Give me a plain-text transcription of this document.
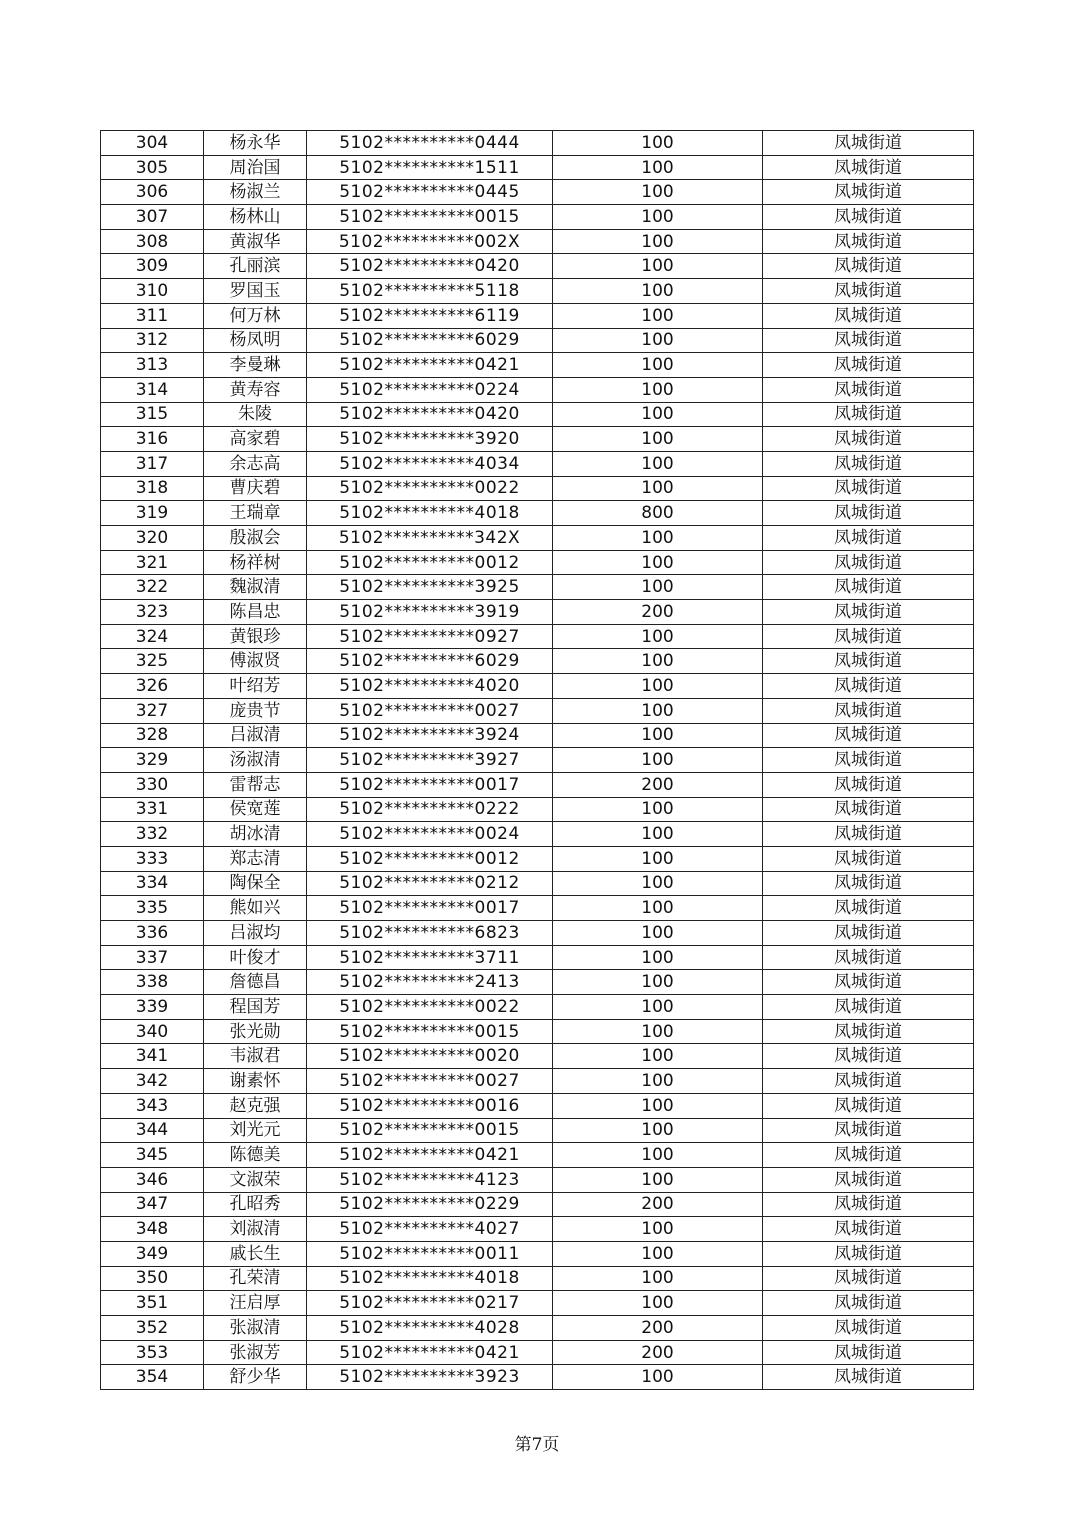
304	杨永华	5102**********0444	100	凤城街道
305	周治国	5102**********1511	100	凤城街道
306	杨淑兰	5102**********0445	100	凤城街道
307	杨林山	5102**********0015	100	凤城街道
308	黄淑华	5102**********002X	100	凤城街道
309	孔丽滨	5102**********0420	100	凤城街道
310	罗国玉	5102**********5118	100	凤城街道
311	何万林	5102**********6119	100	凤城街道
312	杨凤明	5102**********6029	100	凤城街道
313	李曼琳	5102**********0421	100	凤城街道
314	黄寿容	5102**********0224	100	凤城街道
315	朱陵	5102**********0420	100	凤城街道
316	高家碧	5102**********3920	100	凤城街道
317	余志高	5102**********4034	100	凤城街道
318	曹庆碧	5102**********0022	100	凤城街道
319	王瑞章	5102**********4018	800	凤城街道
320	殷淑会	5102**********342X	100	凤城街道
321	杨祥树	5102**********0012	100	凤城街道
322	魏淑清	5102**********3925	100	凤城街道
323	陈昌忠	5102**********3919	200	凤城街道
324	黄银珍	5102**********0927	100	凤城街道
325	傅淑贤	5102**********6029	100	凤城街道
326	叶绍芳	5102**********4020	100	凤城街道
327	庞贵节	5102**********0027	100	凤城街道
328	吕淑清	5102**********3924	100	凤城街道
329	汤淑清	5102**********3927	100	凤城街道
330	雷帮志	5102**********0017	200	凤城街道
331	侯宽莲	5102**********0222	100	凤城街道
332	胡冰清	5102**********0024	100	凤城街道
333	郑志清	5102**********0012	100	凤城街道
334	陶保全	5102**********0212	100	凤城街道
335	熊如兴	5102**********0017	100	凤城街道
336	吕淑均	5102**********6823	100	凤城街道
337	叶俊才	5102**********3711	100	凤城街道
338	詹德昌	5102**********2413	100	凤城街道
339	程国芳	5102**********0022	100	凤城街道
340	张光勋	5102**********0015	100	凤城街道
341	韦淑君	5102**********0020	100	凤城街道
342	谢素怀	5102**********0027	100	凤城街道
343	赵克强	5102**********0016	100	凤城街道
344	刘光元	5102**********0015	100	凤城街道
345	陈德美	5102**********0421	100	凤城街道
346	文淑荣	5102**********4123	100	凤城街道
347	孔昭秀	5102**********0229	200	凤城街道
348	刘淑清	5102**********4027	100	凤城街道
349	戚长生	5102**********0011	100	凤城街道
350	孔荣清	5102**********4018	100	凤城街道
351	汪启厚	5102**********0217	100	凤城街道
352	张淑清	5102**********4028	200	凤城街道
353	张淑芳	5102**********0421	200	凤城街道
354	舒少华	5102**********3923	100	凤城街道
第7页
